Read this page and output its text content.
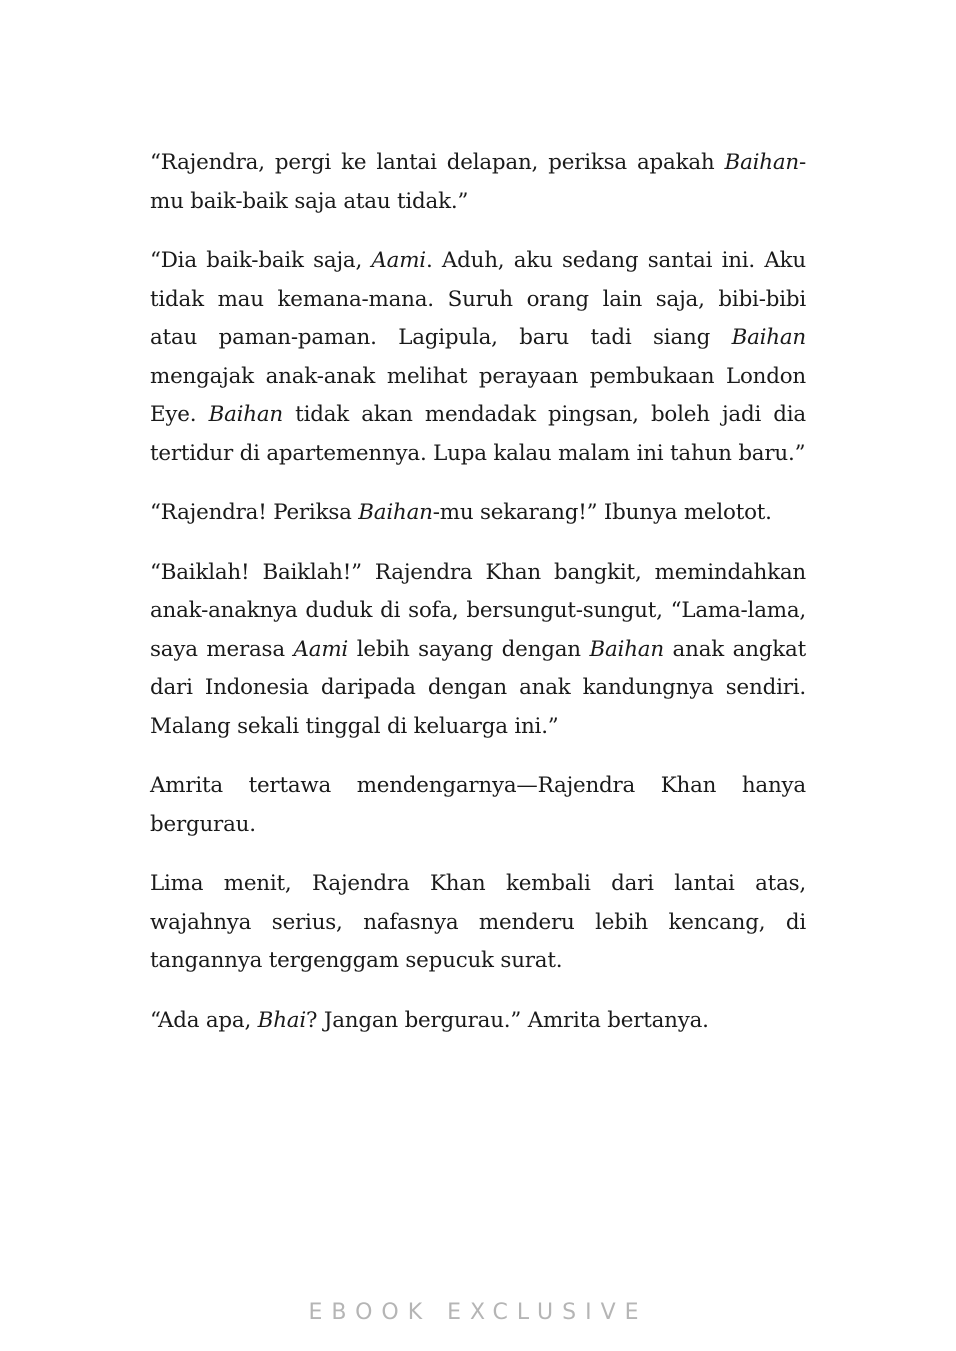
“Rajendra, pergi ke lantai delapan, periksa apakah Baihan-mu baik-baik saja atau tidak.”

“Dia baik-baik saja, Aami. Aduh, aku sedang santai ini. Aku tidak mau kemana-mana. Suruh orang lain saja, bibi-bibi atau paman-paman. Lagipula, baru tadi siang Baihan mengajak anak-anak melihat perayaan pembukaan London Eye. Baihan tidak akan mendadak pingsan, boleh jadi dia tertidur di apartemennya. Lupa kalau malam ini tahun baru.”

“Rajendra! Periksa Baihan-mu sekarang!” Ibunya melotot.

“Baiklah! Baiklah!” Rajendra Khan bangkit, memindahkan anak-anaknya duduk di sofa, bersungut-sungut, “Lama-lama, saya merasa Aami lebih sayang dengan Baihan anak angkat dari Indonesia daripada dengan anak kandungnya sendiri. Malang sekali tinggal di keluarga ini.”

Amrita tertawa mendengarnya—Rajendra Khan hanya bergurau.

Lima menit, Rajendra Khan kembali dari lantai atas, wajahnya serius, nafasnya menderu lebih kencang, di tangannya tergenggam sepucuk surat.

“Ada apa, Bhai? Jangan bergurau.” Amrita bertanya.

EBOOK EXCLUSIVE
